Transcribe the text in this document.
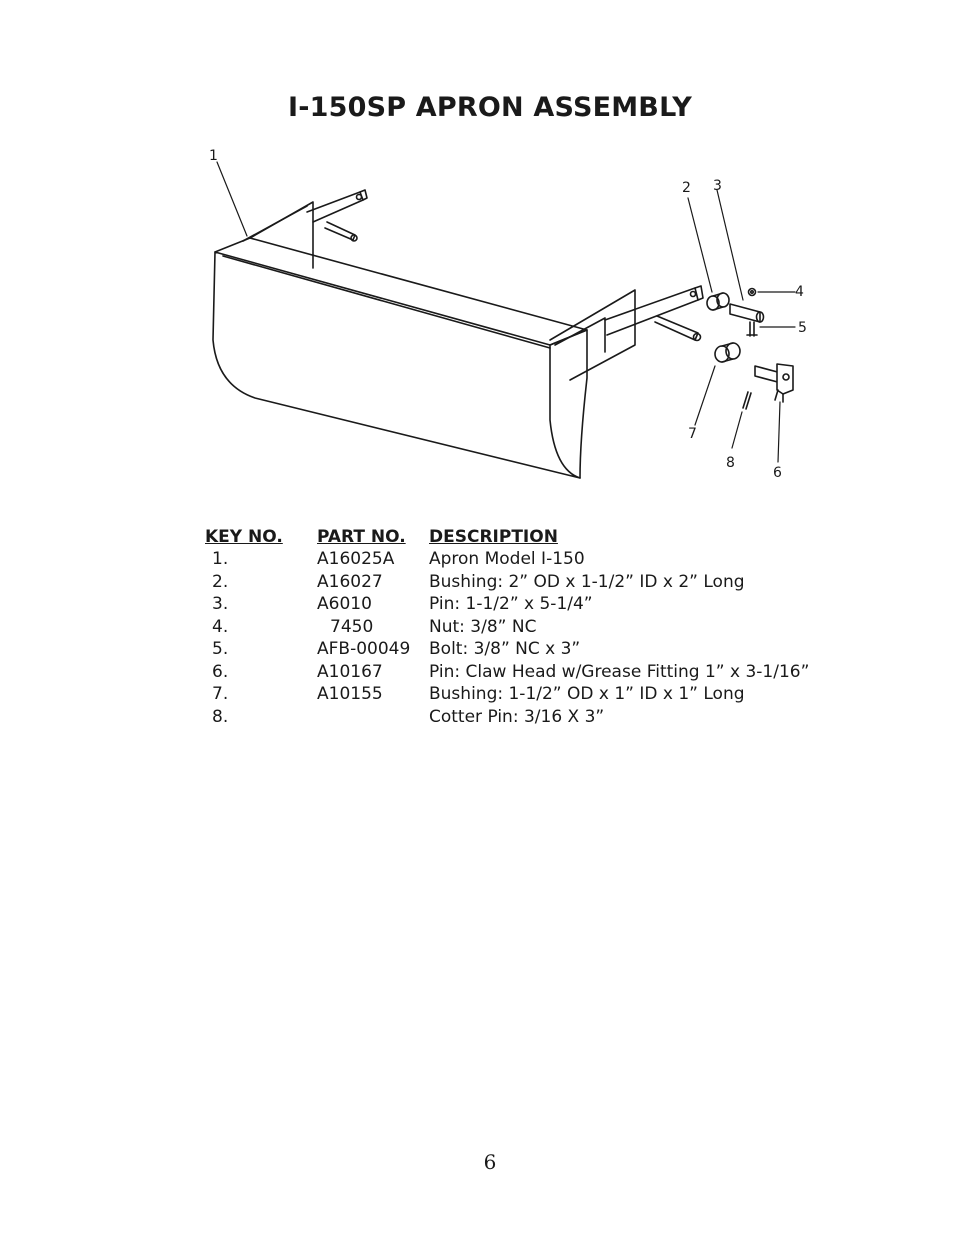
I-150SP APRON ASSEMBLY
1
2 3
4
5
6
7
8
KEY NO.	PART NO.	DESCRIPTION
1.	A16025A	Apron Model I-150
2.	A16027	Bushing: 2” OD x 1-1/2” ID x 2” Long
3.	A6010	Pin: 1-1/2” x 5-1/4”
4.	7450	Nut: 3/8” NC
5.	AFB-00049	Bolt: 3/8” NC x 3”
6.	A10167	Pin: Claw Head w/Grease Fitting 1” x 3-1/16”
7.	A10155	Bushing: 1-1/2” OD x 1” ID x 1” Long
8.		Cotter Pin: 3/16 X 3”
6
